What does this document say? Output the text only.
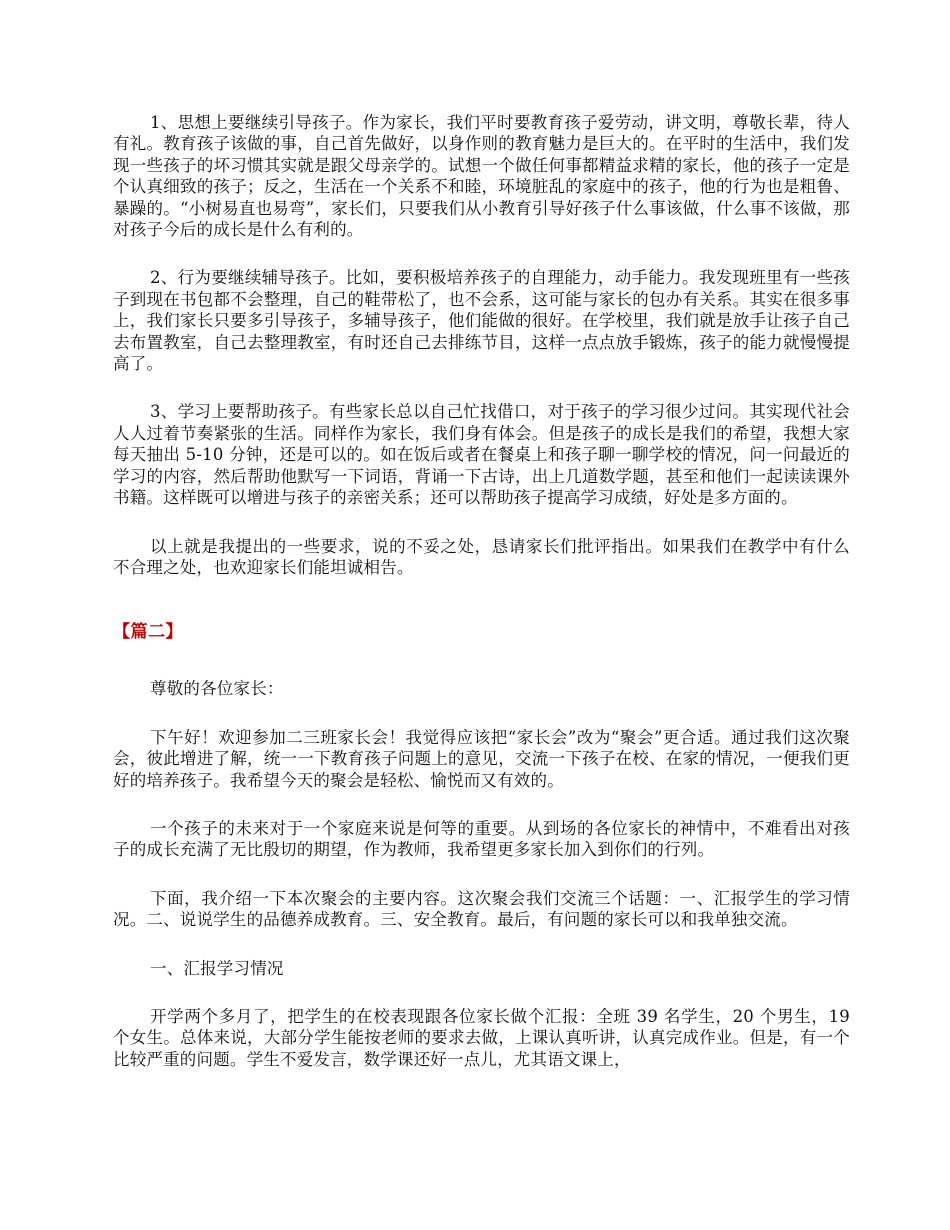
1、思想上要继续引导孩子。作为家长，我们平时要教育孩子爱劳动，讲文明，尊敬长辈，待人有礼。教育孩子该做的事，自己首先做好，以身作则的教育魅力是巨大的。在平时的生活中，我们发现一些孩子的坏习惯其实就是跟父母亲学的。试想一个做任何事都精益求精的家长，他的孩子一定是个认真细致的孩子；反之，生活在一个关系不和睦，环境脏乱的家庭中的孩子，他的行为也是粗鲁、暴躁的。“小树易直也易弯”，家长们，只要我们从小教育引导好孩子什么事该做，什么事不该做，那对孩子今后的成长是什么有利的。

2、行为要继续辅导孩子。比如，要积极培养孩子的自理能力，动手能力。我发现班里有一些孩子到现在书包都不会整理，自己的鞋带松了，也不会系，这可能与家长的包办有关系。其实在很多事上，我们家长只要多引导孩子，多辅导孩子，他们能做的很好。在学校里，我们就是放手让孩子自己去布置教室，自己去整理教室，有时还自己去排练节目，这样一点点放手锻炼，孩子的能力就慢慢提高了。

3、学习上要帮助孩子。有些家长总以自己忙找借口，对于孩子的学习很少过问。其实现代社会人人过着节奏紧张的生活。同样作为家长，我们身有体会。但是孩子的成长是我们的希望，我想大家每天抽出 5-10 分钟，还是可以的。如在饭后或者在餐桌上和孩子聊一聊学校的情况，问一问最近的学习的内容，然后帮助他默写一下词语，背诵一下古诗，出上几道数学题，甚至和他们一起读读课外书籍。这样既可以增进与孩子的亲密关系；还可以帮助孩子提高学习成绩，好处是多方面的。

以上就是我提出的一些要求，说的不妥之处，恳请家长们批评指出。如果我们在教学中有什么不合理之处，也欢迎家长们能坦诚相告。

【篇二】

尊敬的各位家长：

下午好！欢迎参加二三班家长会！我觉得应该把“家长会”改为“聚会”更合适。通过我们这次聚会，彼此增进了解，统一一下教育孩子问题上的意见，交流一下孩子在校、在家的情况，一便我们更好的培养孩子。我希望今天的聚会是轻松、愉悦而又有效的。

一个孩子的未来对于一个家庭来说是何等的重要。从到场的各位家长的神情中，不难看出对孩子的成长充满了无比殷切的期望，作为教师，我希望更多家长加入到你们的行列。

下面，我介绍一下本次聚会的主要内容。这次聚会我们交流三个话题：一、汇报学生的学习情况。二、说说学生的品德养成教育。三、安全教育。最后，有问题的家长可以和我单独交流。

一、汇报学习情况

开学两个多月了，把学生的在校表现跟各位家长做个汇报：全班 39 名学生，20 个男生，19 个女生。总体来说，大部分学生能按老师的要求去做，上课认真听讲，认真完成作业。但是，有一个比较严重的问题。学生不爱发言，数学课还好一点儿，尤其语文课上，
